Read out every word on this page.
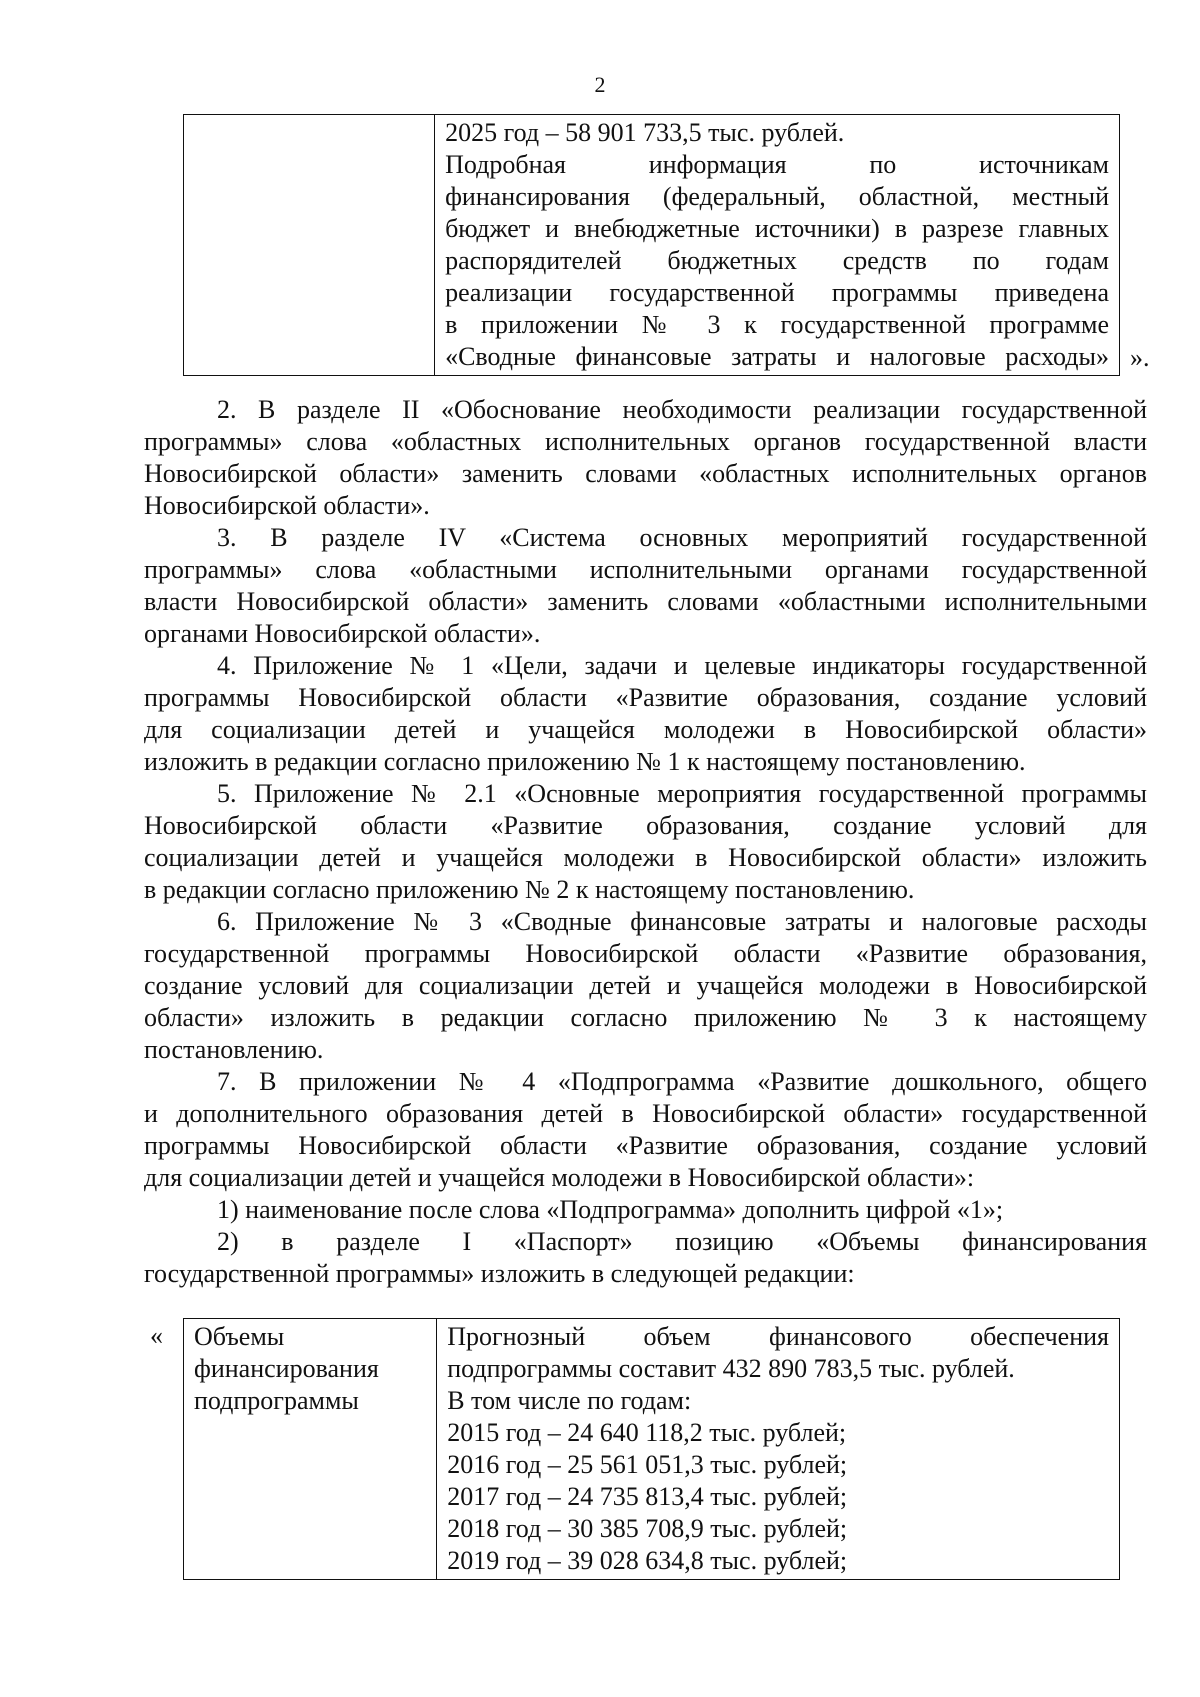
2

2025 год – 58 901 733,5 тыс. рублей.
Подробная информация по источникам
финансирования (федеральный, областной, местный
бюджет и внебюджетные источники) в разрезе главных
распорядителей бюджетных средств по годам
реализации государственной программы приведена
в приложении № 3 к государственной программе
«Сводные финансовые затраты и налоговые расходы» ».
2. В разделе II «Обоснование необходимости реализации государственной
программы» слова «областных исполнительных органов государственной власти
Новосибирской области» заменить словами «областных исполнительных органов
Новосибирской области».
3. В разделе IV «Система основных мероприятий государственной
программы» слова «областными исполнительными органами государственной
власти Новосибирской области» заменить словами «областными исполнительными
органами Новосибирской области».
4. Приложение № 1 «Цели, задачи и целевые индикаторы государственной
программы Новосибирской области «Развитие образования, создание условий
для социализации детей и учащейся молодежи в Новосибирской области»
изложить в редакции согласно приложению № 1 к настоящему постановлению.
5. Приложение № 2.1 «Основные мероприятия государственной программы
Новосибирской области «Развитие образования, создание условий для
социализации детей и учащейся молодежи в Новосибирской области» изложить
в редакции согласно приложению № 2 к настоящему постановлению.
6. Приложение № 3 «Сводные финансовые затраты и налоговые расходы
государственной программы Новосибирской области «Развитие образования,
создание условий для социализации детей и учащейся молодежи в Новосибирской
области» изложить в редакции согласно приложению № 3 к настоящему
постановлению.
7. В приложении № 4 «Подпрограмма «Развитие дошкольного, общего
и дополнительного образования детей в Новосибирской области» государственной
программы Новосибирской области «Развитие образования, создание условий
для социализации детей и учащейся молодежи в Новосибирской области»:
1) наименование после слова «Подпрограмма» дополнить цифрой «1»;
2) в разделе I «Паспорт» позицию «Объемы финансирования
государственной программы» изложить в следующей редакции:
« Объемы
финансирования
подпрограммы

Прогнозный объем финансового обеспечения
подпрограммы составит 432 890 783,5 тыс. рублей.
В том числе по годам:
2015 год – 24 640 118,2 тыс. рублей;
2016 год – 25 561 051,3 тыс. рублей;
2017 год – 24 735 813,4 тыс. рублей;
2018 год – 30 385 708,9 тыс. рублей;
2019 год – 39 028 634,8 тыс. рублей;
